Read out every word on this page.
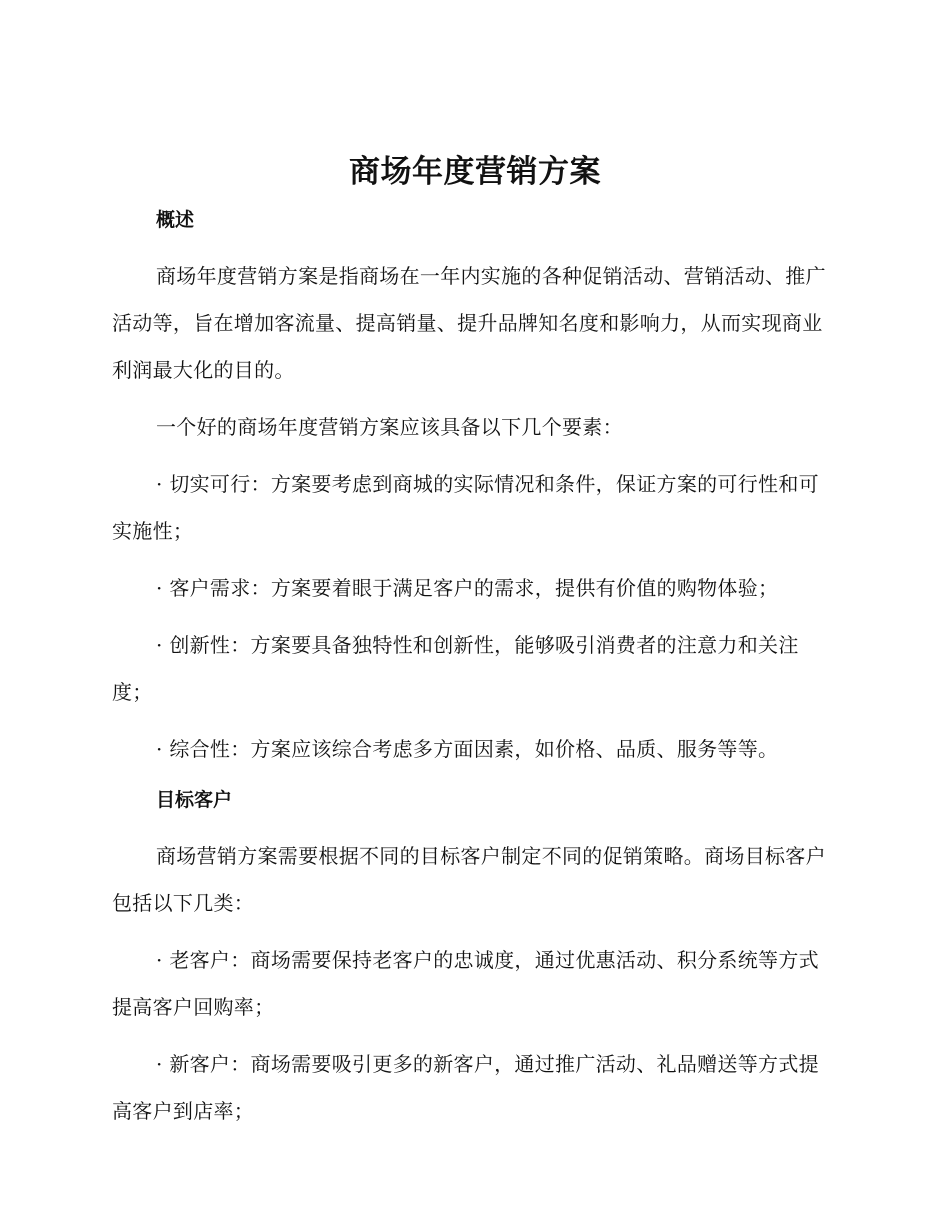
商场年度营销方案
概述

商场年度营销方案是指商场在一年内实施的各种促销活动、营销活动、推广活动等，旨在增加客流量、提高销量、提升品牌知名度和影响力，从而实现商业利润最大化的目的。

一个好的商场年度营销方案应该具备以下几个要素：

· 切实可行：方案要考虑到商城的实际情况和条件，保证方案的可行性和可实施性；

· 客户需求：方案要着眼于满足客户的需求，提供有价值的购物体验；

· 创新性：方案要具备独特性和创新性，能够吸引消费者的注意力和关注度；

· 综合性：方案应该综合考虑多方面因素，如价格、品质、服务等等。

目标客户

商场营销方案需要根据不同的目标客户制定不同的促销策略。商场目标客户包括以下几类：

· 老客户：商场需要保持老客户的忠诚度，通过优惠活动、积分系统等方式提高客户回购率；

· 新客户：商场需要吸引更多的新客户，通过推广活动、礼品赠送等方式提高客户到店率；
